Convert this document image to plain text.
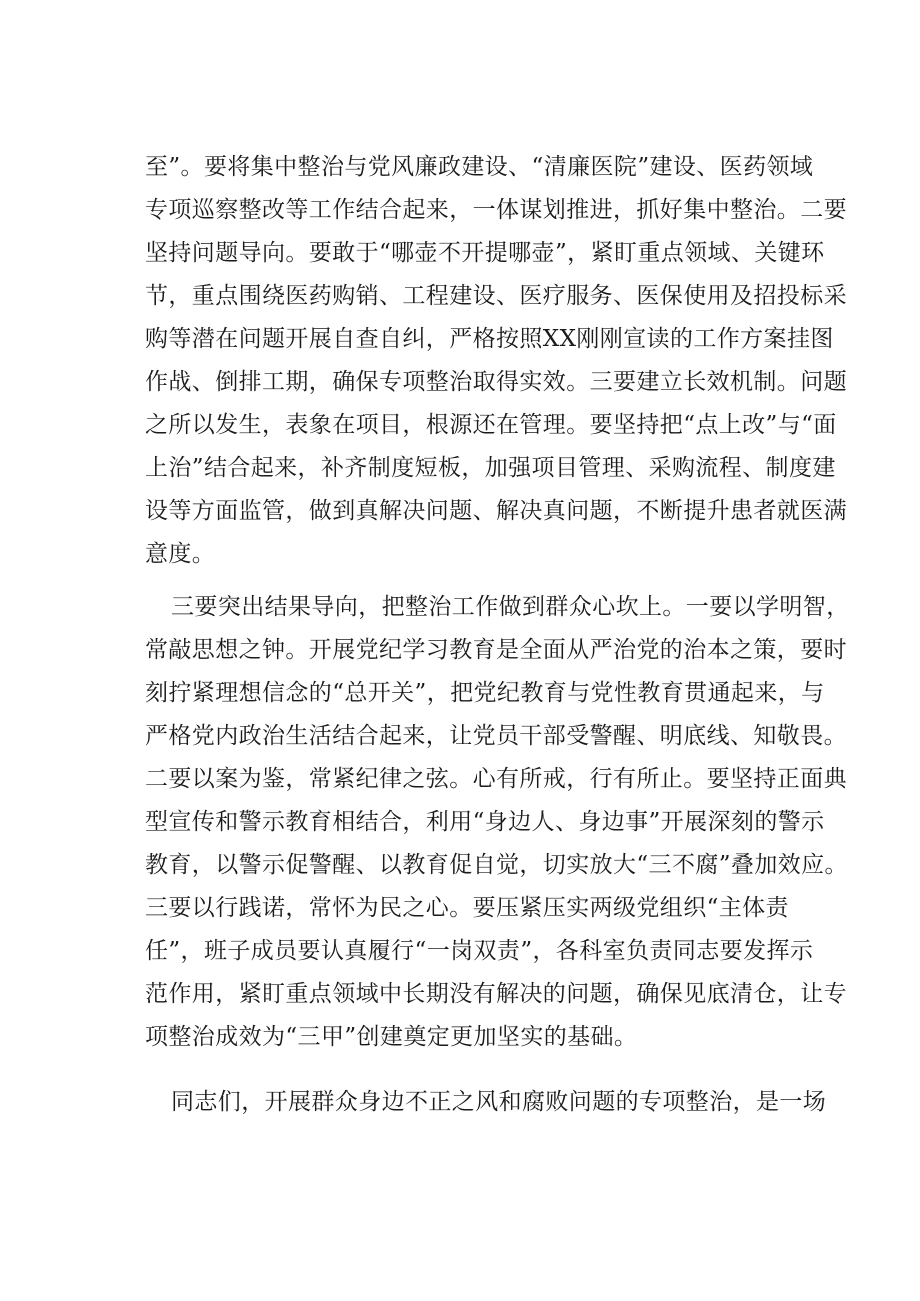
至”。要将集中整治与党风廉政建设、“清廉医院”建设、医药领域
专项巡察整改等工作结合起来，一体谋划推进，抓好集中整治。二要
坚持问题导向。要敢于“哪壶不开提哪壶”，紧盯重点领域、关键环
节，重点围绕医药购销、工程建设、医疗服务、医保使用及招投标采
购等潜在问题开展自查自纠，严格按照XX刚刚宣读的工作方案挂图
作战、倒排工期，确保专项整治取得实效。三要建立长效机制。问题
之所以发生，表象在项目，根源还在管理。要坚持把“点上改”与“面
上治”结合起来，补齐制度短板，加强项目管理、采购流程、制度建
设等方面监管，做到真解决问题、解决真问题，不断提升患者就医满
意度。
三要突出结果导向，把整治工作做到群众心坎上。一要以学明智，
常敲思想之钟。开展党纪学习教育是全面从严治党的治本之策，要时
刻拧紧理想信念的“总开关”，把党纪教育与党性教育贯通起来，与
严格党内政治生活结合起来，让党员干部受警醒、明底线、知敬畏。
二要以案为鉴，常紧纪律之弦。心有所戒，行有所止。要坚持正面典
型宣传和警示教育相结合，利用“身边人、身边事”开展深刻的警示
教育，以警示促警醒、以教育促自觉，切实放大“三不腐”叠加效应。
三要以行践诺，常怀为民之心。要压紧压实两级党组织“主体责
任”，班子成员要认真履行“一岗双责”，各科室负责同志要发挥示
范作用，紧盯重点领域中长期没有解决的问题，确保见底清仓，让专
项整治成效为“三甲”创建奠定更加坚实的基础。
同志们，开展群众身边不正之风和腐败问题的专项整治，是一场
